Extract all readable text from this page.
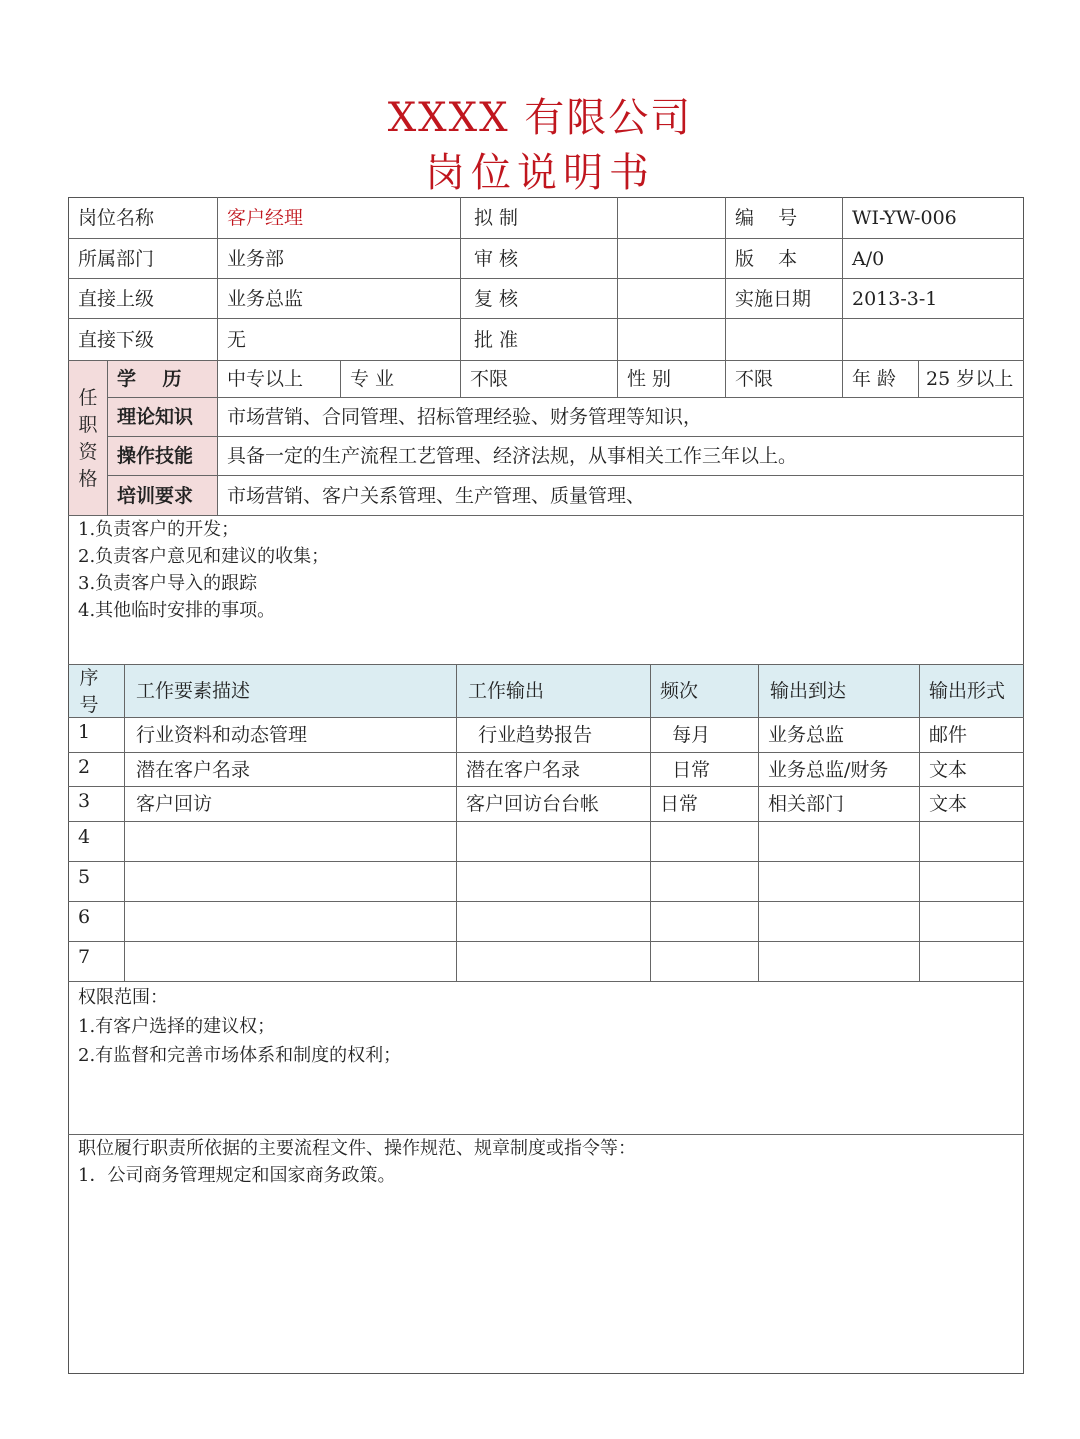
XXXX 有限公司
岗位说明书
岗位名称	客户经理	拟 制	编    号	WI-YW-006
所属部门	业务部	审 核	版    本	A/0
直接上级	业务总监	复 核	实施日期	2013-3-1
直接下级	无	批 准
任
职
资
格
学    历	中专以上	专 业	不限	性 别	不限	年 龄	25 岁以上
理论知识	市场营销、合同管理、招标管理经验、财务管理等知识，
操作技能	具备一定的生产流程工艺管理、经济法规，从事相关工作三年以上。
培训要求	市场营销、客户关系管理、生产管理、质量管理、
1.负责客户的开发；
2.负责客户意见和建议的收集；
3.负责客户导入的跟踪
4.其他临时安排的事项。
序
号
工作要素描述	工作输出	频次	输出到达	输出形式
1	行业资料和动态管理	行业趋势报告	每月	业务总监	邮件
2	潜在客户名录	潜在客户名录	日常	业务总监/财务	文本
3	客户回访	客户回访台台帐	日常	相关部门	文本
4
5
6
7
权限范围：
1.有客户选择的建议权；
2.有监督和完善市场体系和制度的权利；
职位履行职责所依据的主要流程文件、操作规范、规章制度或指令等：
1．公司商务管理规定和国家商务政策。
